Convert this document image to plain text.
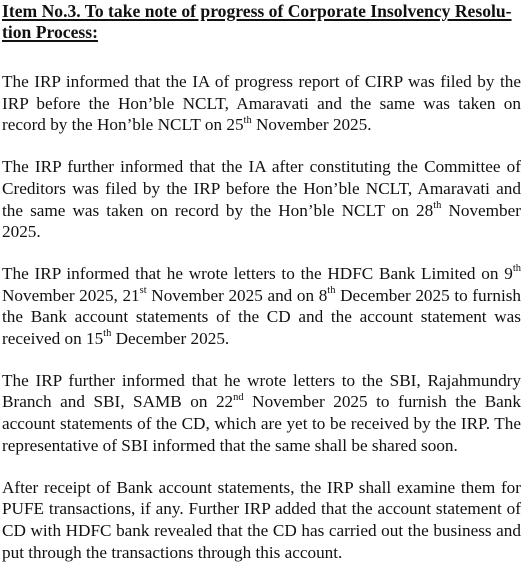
Item No.3. To take note of progress of Corporate Insolvency Resolu-
tion Process:
The IRP informed that the IA of progress report of CIRP was filed by the
IRP before the Hon’ble NCLT, Amaravati and the same was taken on
record by the Hon’ble NCLT on 25th November 2025.
The IRP further informed that the IA after constituting the Committee of
Creditors was filed by the IRP before the Hon’ble NCLT, Amaravati and
the same was taken on record by the Hon’ble NCLT on 28th November
2025.
The IRP informed that he wrote letters to the HDFC Bank Limited on 9th
November 2025, 21st November 2025 and on 8th December 2025 to furnish
the Bank account statements of the CD and the account statement was
received on 15th December 2025.
The IRP further informed that he wrote letters to the SBI, Rajahmundry
Branch and SBI, SAMB on 22nd November 2025 to furnish the Bank
account statements of the CD, which are yet to be received by the IRP. The
representative of SBI informed that the same shall be shared soon.
After receipt of Bank account statements, the IRP shall examine them for
PUFE transactions, if any. Further IRP added that the account statement of
CD with HDFC bank revealed that the CD has carried out the business and
put through the transactions through this account.
